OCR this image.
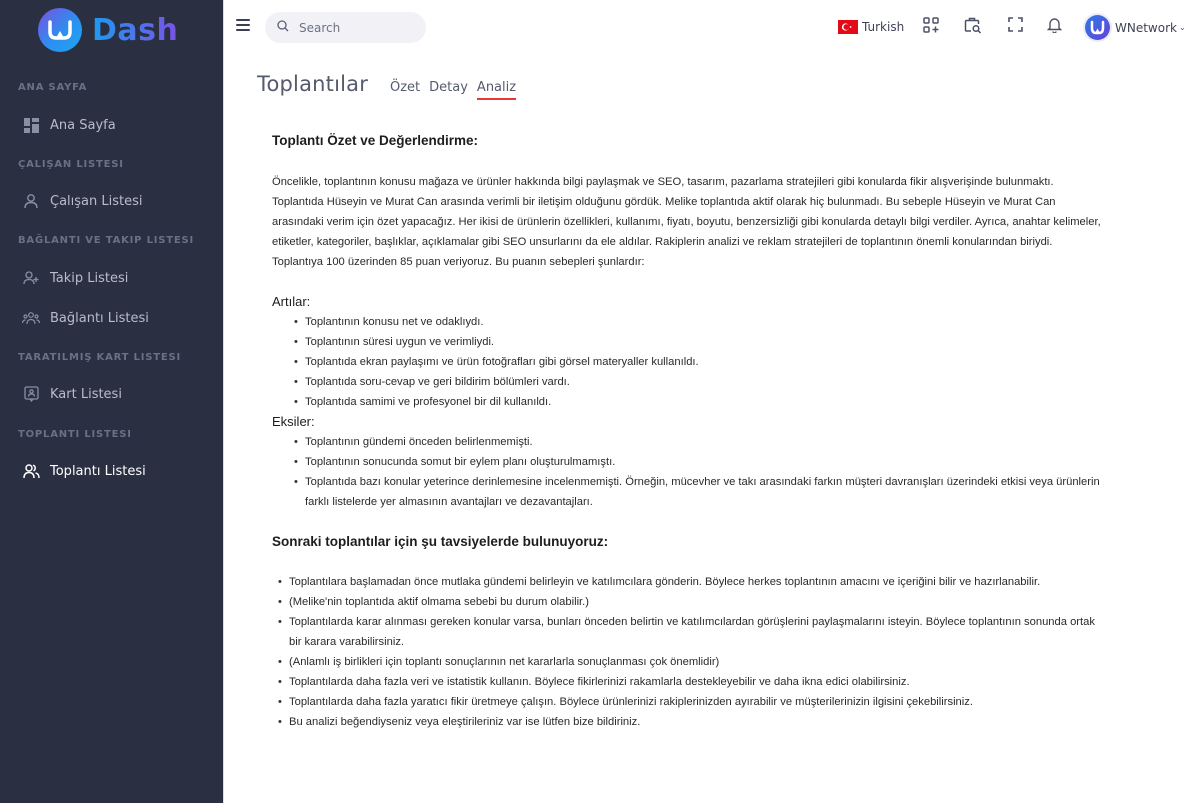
Dash
ANA SAYFA
Ana Sayfa
ÇALIŞAN LISTESI
Çalışan Listesi
BAĞLANTI VE TAKIP LISTESI
Takip Listesi
Bağlantı Listesi
TARATILMIŞ KART LISTESI
Kart Listesi
TOPLANTI LISTESI
Toplantı Listesi
Search
Turkish	WNetwork ⌄
Toplantılar Özet Detay Analiz
Toplantı Özet ve Değerlendirme:

Öncelikle, toplantının konusu mağaza ve ürünler hakkında bilgi paylaşmak ve SEO, tasarım, pazarlama stratejileri gibi konularda fikir alışverişinde bulunmaktı. Toplantıda Hüseyin ve Murat Can arasında verimli bir iletişim olduğunu gördük. Melike toplantıda aktif olarak hiç bulunmadı. Bu sebeple Hüseyin ve Murat Can arasındaki verim için özet yapacağız. Her ikisi de ürünlerin özellikleri, kullanımı, fiyatı, boyutu, benzersizliği gibi konularda detaylı bilgi verdiler. Ayrıca, anahtar kelimeler, etiketler, kategoriler, başlıklar, açıklamalar gibi SEO unsurlarını da ele aldılar. Rakiplerin analizi ve reklam stratejileri de toplantının önemli konularından biriydi.

Toplantıya 100 üzerinden 85 puan veriyoruz. Bu puanın sebepleri şunlardır:

Artılar:
• Toplantının konusu net ve odaklıydı.
• Toplantının süresi uygun ve verimliydi.
• Toplantıda ekran paylaşımı ve ürün fotoğrafları gibi görsel materyaller kullanıldı.
• Toplantıda soru-cevap ve geri bildirim bölümleri vardı.
• Toplantıda samimi ve profesyonel bir dil kullanıldı.
Eksiler:
• Toplantının gündemi önceden belirlenmemişti.
• Toplantının sonucunda somut bir eylem planı oluşturulmamıştı.
• Toplantıda bazı konular yeterince derinlemesine incelenmemişti. Örneğin, mücevher ve takı arasındaki farkın müşteri davranışları üzerindeki etkisi veya ürünlerin farklı listelerde yer almasının avantajları ve dezavantajları.
Sonraki toplantılar için şu tavsiyelerde bulunuyoruz:
• Toplantılara başlamadan önce mutlaka gündemi belirleyin ve katılımcılara gönderin. Böylece herkes toplantının amacını ve içeriğini bilir ve hazırlanabilir.
• (Melike'nin toplantıda aktif olmama sebebi bu durum olabilir.)
• Toplantılarda karar alınması gereken konular varsa, bunları önceden belirtin ve katılımcılardan görüşlerini paylaşmalarını isteyin. Böylece toplantının sonunda ortak bir karara varabilirsiniz.
• (Anlamlı iş birlikleri için toplantı sonuçlarının net kararlarla sonuçlanması çok önemlidir)
• Toplantılarda daha fazla veri ve istatistik kullanın. Böylece fikirlerinizi rakamlarla destekleyebilir ve daha ikna edici olabilirsiniz.
• Toplantılarda daha fazla yaratıcı fikir üretmeye çalışın. Böylece ürünlerinizi rakiplerinizden ayırabilir ve müşterilerinizin ilgisini çekebilirsiniz.
• Bu analizi beğendiyseniz veya eleştirileriniz var ise lütfen bize bildiriniz.
